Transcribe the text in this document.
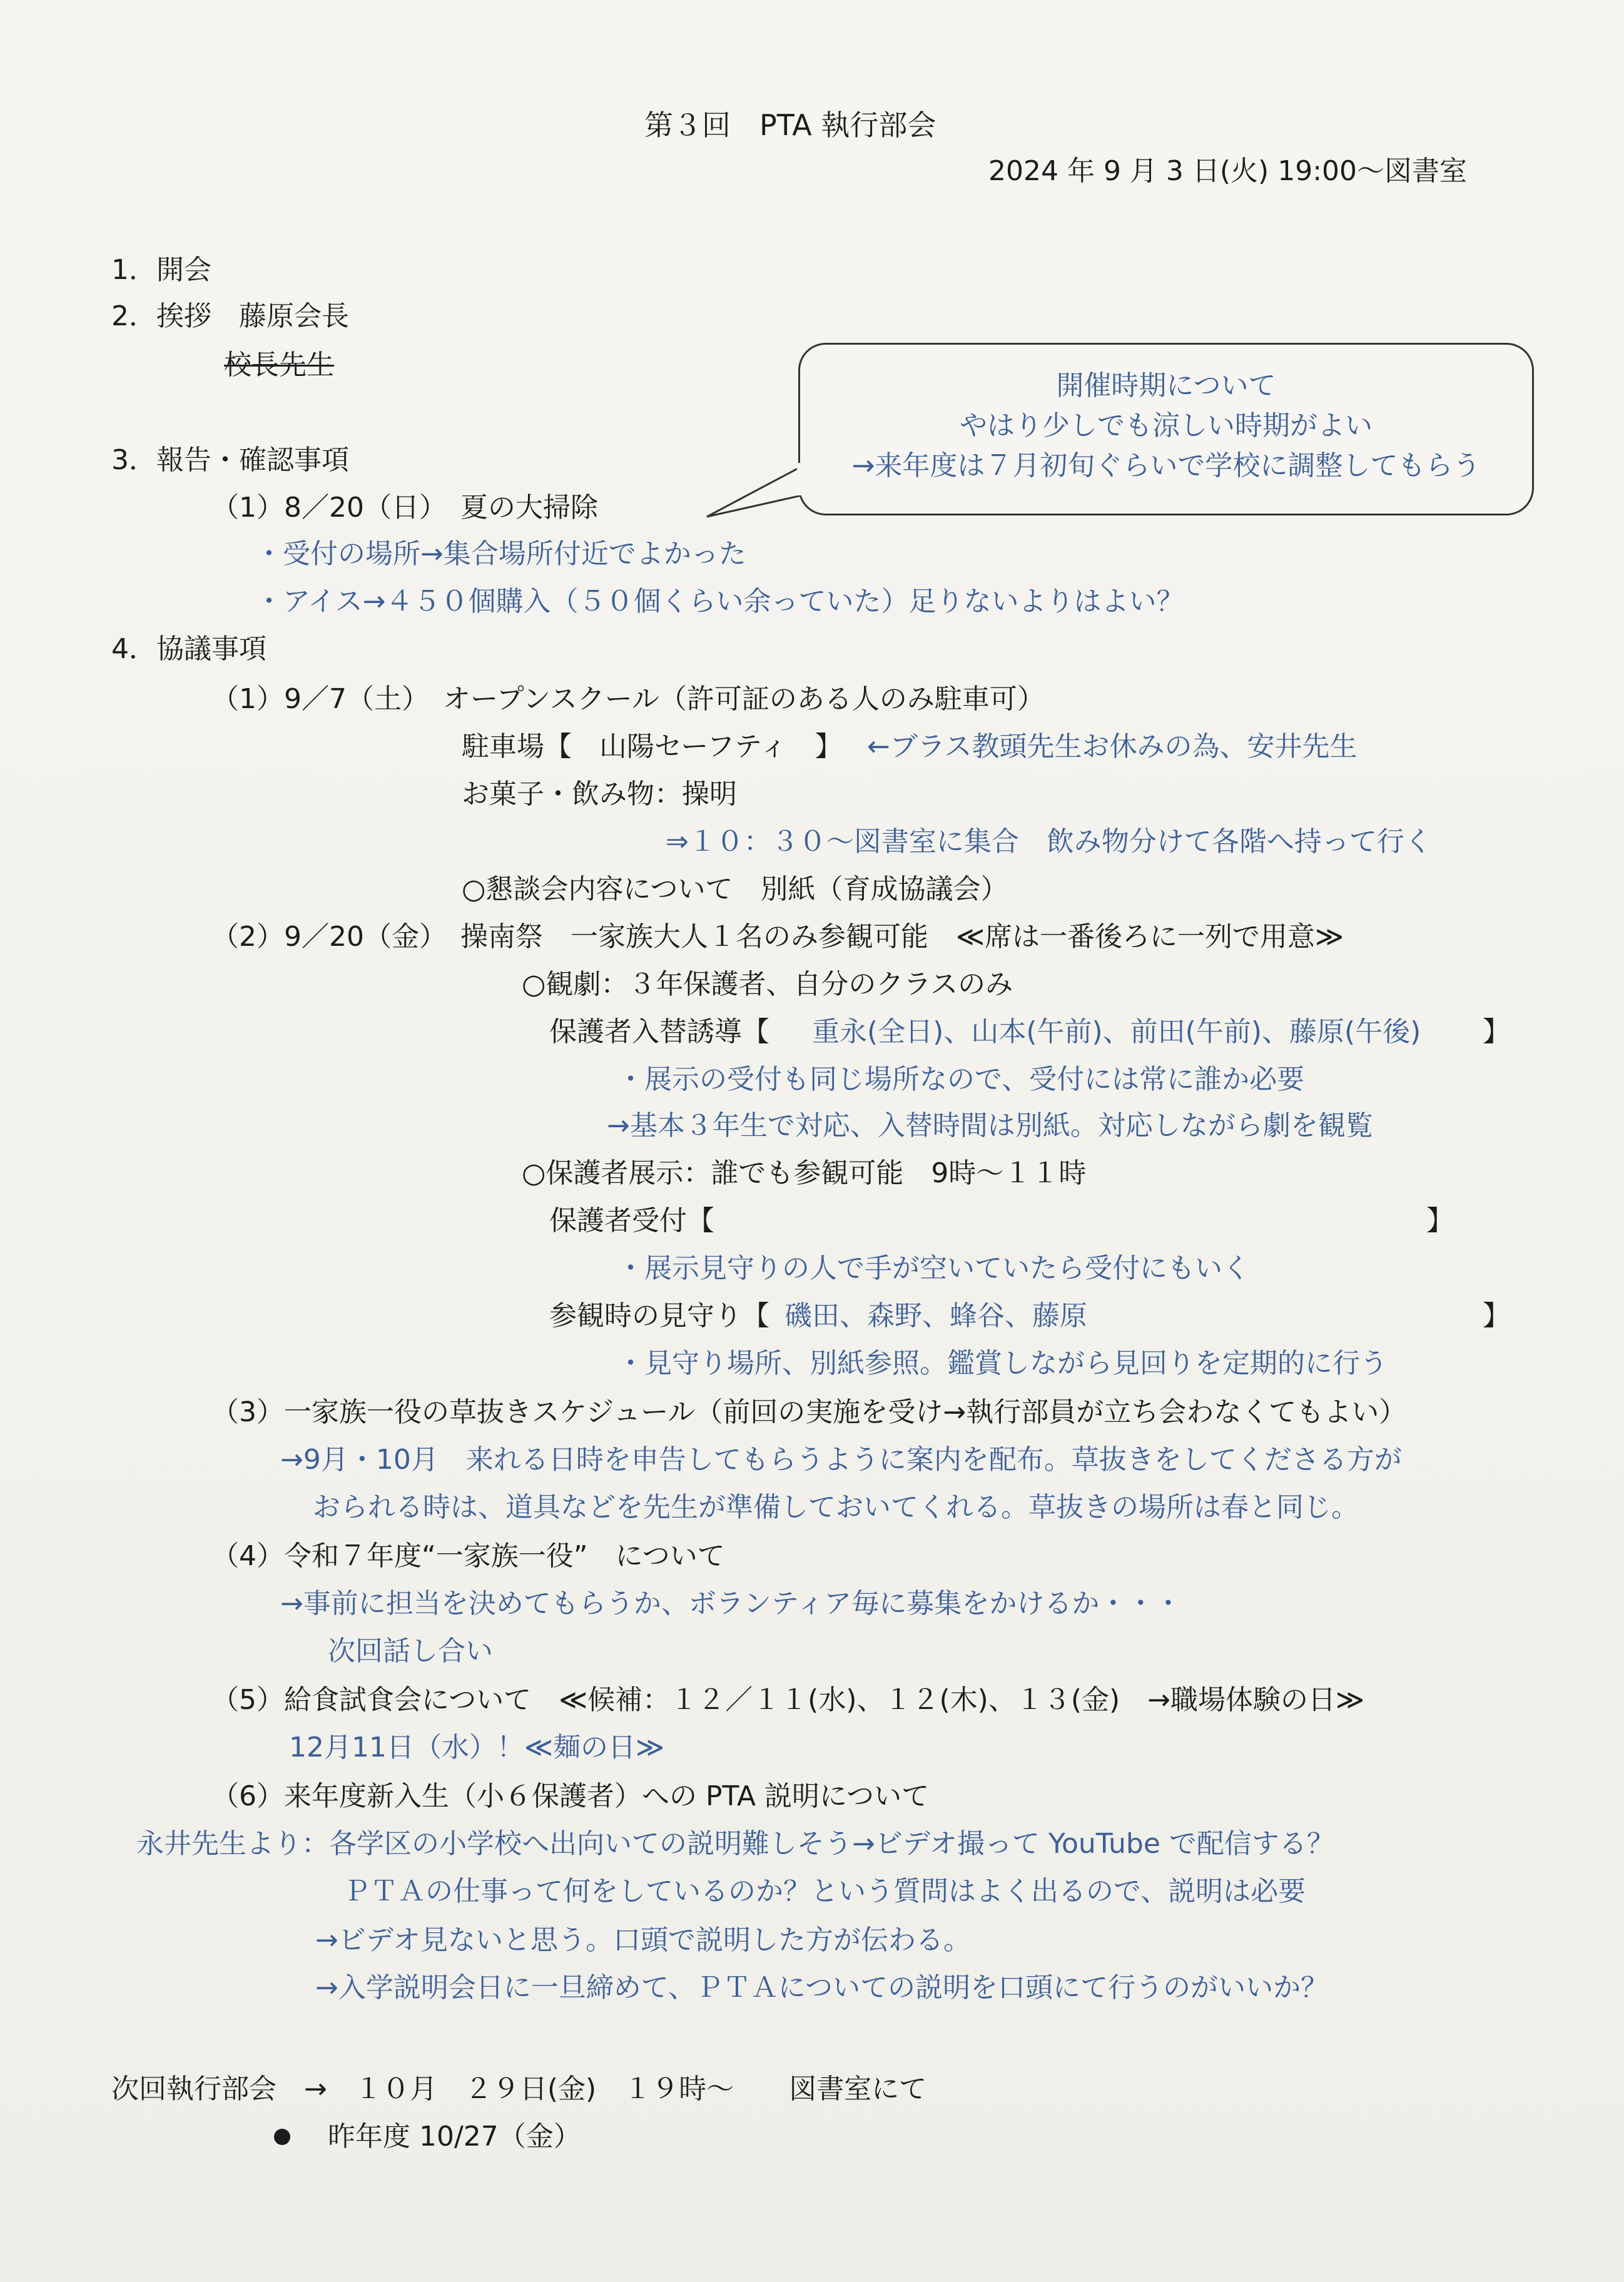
第３回　PTA 執行部会
2024 年 9 月 3 日(火) 19:00～図書室
1．開会
2．挨拶　藤原会長
校長先生
開催時期について
やはり少しでも涼しい時期がよい
→来年度は７月初旬ぐらいで学校に調整してもらう
3．報告・確認事項
（1）8／20（日）　夏の大掃除
・受付の場所→集合場所付近でよかった
・アイス→４５０個購入（５０個くらい余っていた）足りないよりはよい？
4．協議事項
（1）9／7（土）　オープンスクール（許可証のある人のみ駐車可）
駐車場【　山陽セーフティ　】 ←ブラス教頭先生お休みの為、安井先生
お菓子・飲み物：操明
⇒１０：３０～図書室に集合　飲み物分けて各階へ持って行く
○懇談会内容について　別紙（育成協議会）
（2）9／20（金）　操南祭　一家族大人１名のみ参観可能　≪席は一番後ろに一列で用意≫
○観劇：３年保護者、自分のクラスのみ
保護者入替誘導【 重永(全日)、山本(午前)、前田(午前)、藤原(午後) 】
・展示の受付も同じ場所なので、受付には常に誰か必要
→基本３年生で対応、入替時間は別紙。対応しながら劇を観覧
○保護者展示：誰でも参観可能　9時～１１時
保護者受付【	】
・展示見守りの人で手が空いていたら受付にもいく
参観時の見守り【 磯田、森野、蜂谷、藤原	】
・見守り場所、別紙参照。鑑賞しながら見回りを定期的に行う
（3）一家族一役の草抜きスケジュール（前回の実施を受け→執行部員が立ち会わなくてもよい）
→9月・10月　来れる日時を申告してもらうように案内を配布。草抜きをしてくださる方が
おられる時は、道具などを先生が準備しておいてくれる。草抜きの場所は春と同じ。
（4）令和７年度“一家族一役”　について
→事前に担当を決めてもらうか、ボランティア毎に募集をかけるか・・・
次回話し合い
（5）給食試食会について　≪候補：１２／１１(水)、１２(木)、１３(金)　→職場体験の日≫
12月11日（水）！≪麺の日≫
（6）来年度新入生（小６保護者）への PTA 説明について
永井先生より：各学区の小学校へ出向いての説明難しそう→ビデオ撮って YouTube で配信する？
ＰＴＡの仕事って何をしているのか？という質問はよく出るので、説明は必要
→ビデオ見ないと思う。口頭で説明した方が伝わる。
→入学説明会日に一旦締めて、ＰＴＡについての説明を口頭にて行うのがいいか？
次回執行部会　→　１０月　２９日(金)　１９時～　　図書室にて
昨年度 10/27（金）
